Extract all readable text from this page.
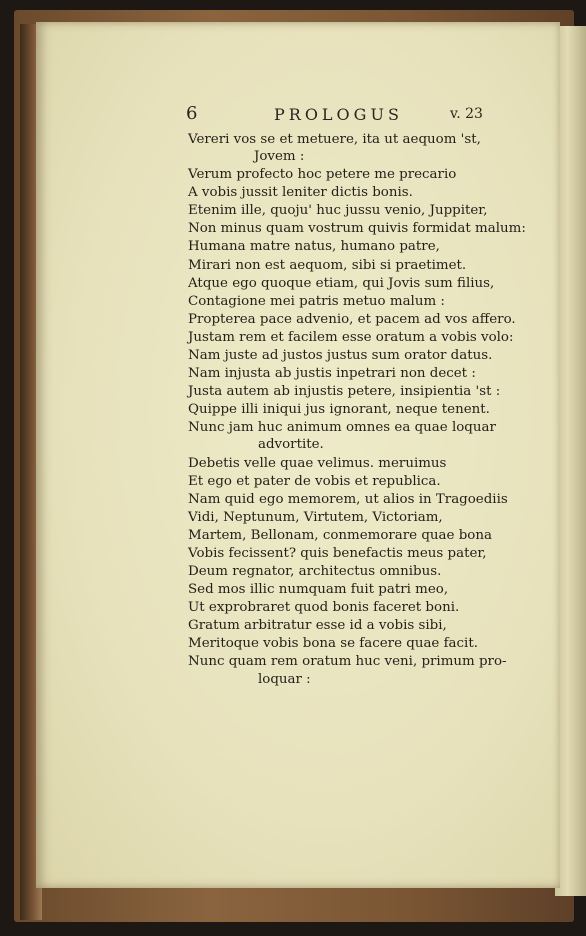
6	PROLOGUS	v. 23
Vereri vos se et metuere, ita ut aequom 'st,
Jovem :
Verum profecto hoc petere me precario
A vobis jussit leniter dictis bonis.
Etenim ille, quoju' huc jussu venio, Juppiter,
Non minus quam vostrum quivis formidat malum:
Humana matre natus, humano patre,
Mirari non est aequom, sibi si praetimet.
Atque ego quoque etiam, qui Jovis sum filius,
Contagione mei patris metuo malum :
Propterea pace advenio, et pacem ad vos affero.
Justam rem et facilem esse oratum a vobis volo:
Nam juste ad justos justus sum orator datus.
Nam injusta ab justis inpetrari non decet :
Justa autem ab injustis petere, insipientia 'st :
Quippe illi iniqui jus ignorant, neque tenent.
Nunc jam huc animum omnes ea quae loquar
advortite.
Debetis velle quae velimus. meruimus
Et ego et pater de vobis et republica.
Nam quid ego memorem, ut alios in Tragoediis
Vidi, Neptunum, Virtutem, Victoriam,
Martem, Bellonam, conmemorare quae bona
Vobis fecissent? quis benefactis meus pater,
Deum regnator, architectus omnibus.
Sed mos illic numquam fuit patri meo,
Ut exprobraret quod bonis faceret boni.
Gratum arbitratur esse id a vobis sibi,
Meritoque vobis bona se facere quae facit.
Nunc quam rem oratum huc veni, primum pro-
loquar :
